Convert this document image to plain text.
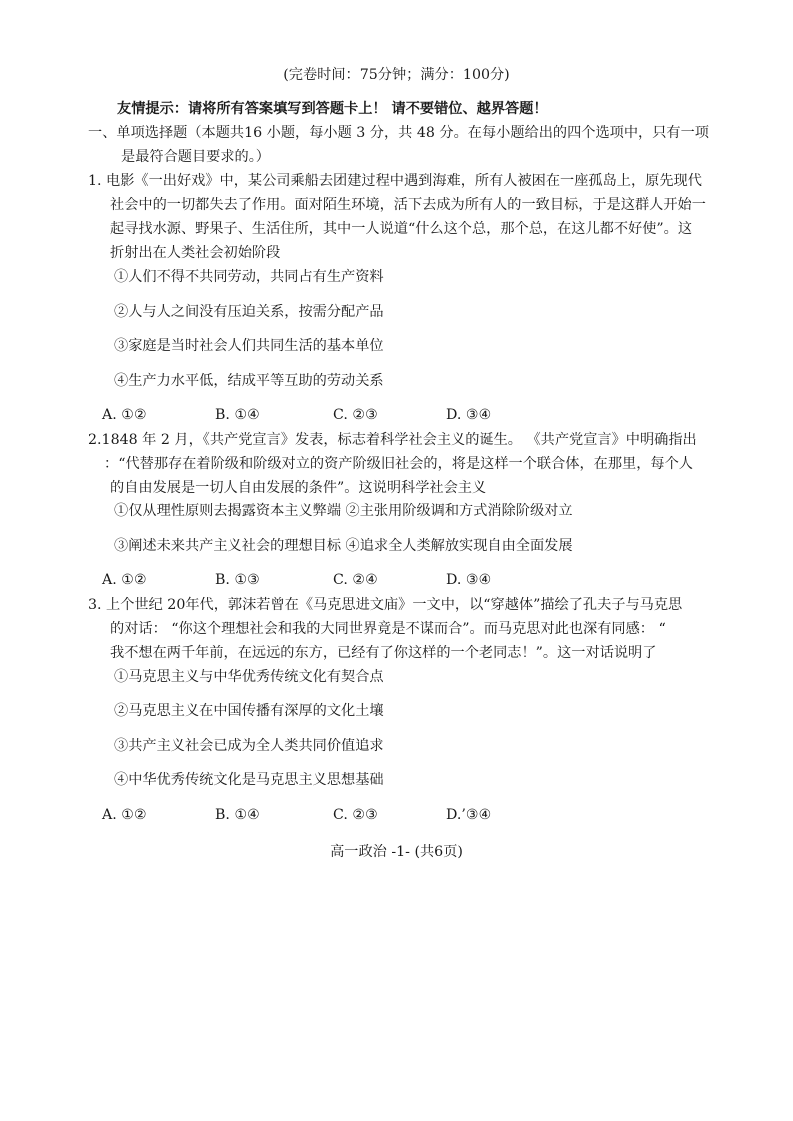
(完卷时间：75分钟；满分：100分)
友情提示：请将所有答案填写到答题卡上！ 请不要错位、越界答题！
一、单项选择题（本题共16 小题，每小题 3 分，共 48 分。在每小题给出的四个选项中，只有一项
是最符合题目要求的。）
1. 电影《一出好戏》中，某公司乘船去团建过程中遇到海难，所有人被困在一座孤岛上，原先现代
社会中的一切都失去了作用。面对陌生环境，活下去成为所有人的一致目标，于是这群人开始一
起寻找水源、野果子、生活住所，其中一人说道“什么这个总，那个总，在这儿都不好使”。这
折射出在人类社会初始阶段
①人们不得不共同劳动，共同占有生产资料
②人与人之间没有压迫关系，按需分配产品
③家庭是当时社会人们共同生活的基本单位
④生产力水平低，结成平等互助的劳动关系
A. ①②	B. ①④	C. ②③	D. ③④
2.1848 年 2 月，《共产党宣言》发表，标志着科学社会主义的诞生。 《共产党宣言》中明确指出
：“代替那存在着阶级和阶级对立的资产阶级旧社会的，将是这样一个联合体，在那里，每个人
的自由发展是一切人自由发展的条件”。这说明科学社会主义
①仅从理性原则去揭露资本主义弊端 ②主张用阶级调和方式消除阶级对立
③阐述未来共产主义社会的理想目标 ④追求全人类解放实现自由全面发展
A. ①②	B. ①③	C. ②④	D. ③④
3. 上个世纪 20年代，郭沫若曾在《马克思进文庙》一文中，以“穿越体”描绘了孔夫子与马克思
的对话： “你这个理想社会和我的大同世界竟是不谋而合”。而马克思对此也深有同感： “
我不想在两千年前，在远远的东方，已经有了你这样的一个老同志！”。这一对话说明了
①马克思主义与中华优秀传统文化有契合点
②马克思主义在中国传播有深厚的文化土壤
③共产主义社会已成为全人类共同价值追求
④中华优秀传统文化是马克思主义思想基础
A. ①②	B. ①④	C. ②③	D.’③④
高一政治 -1- (共6页)
